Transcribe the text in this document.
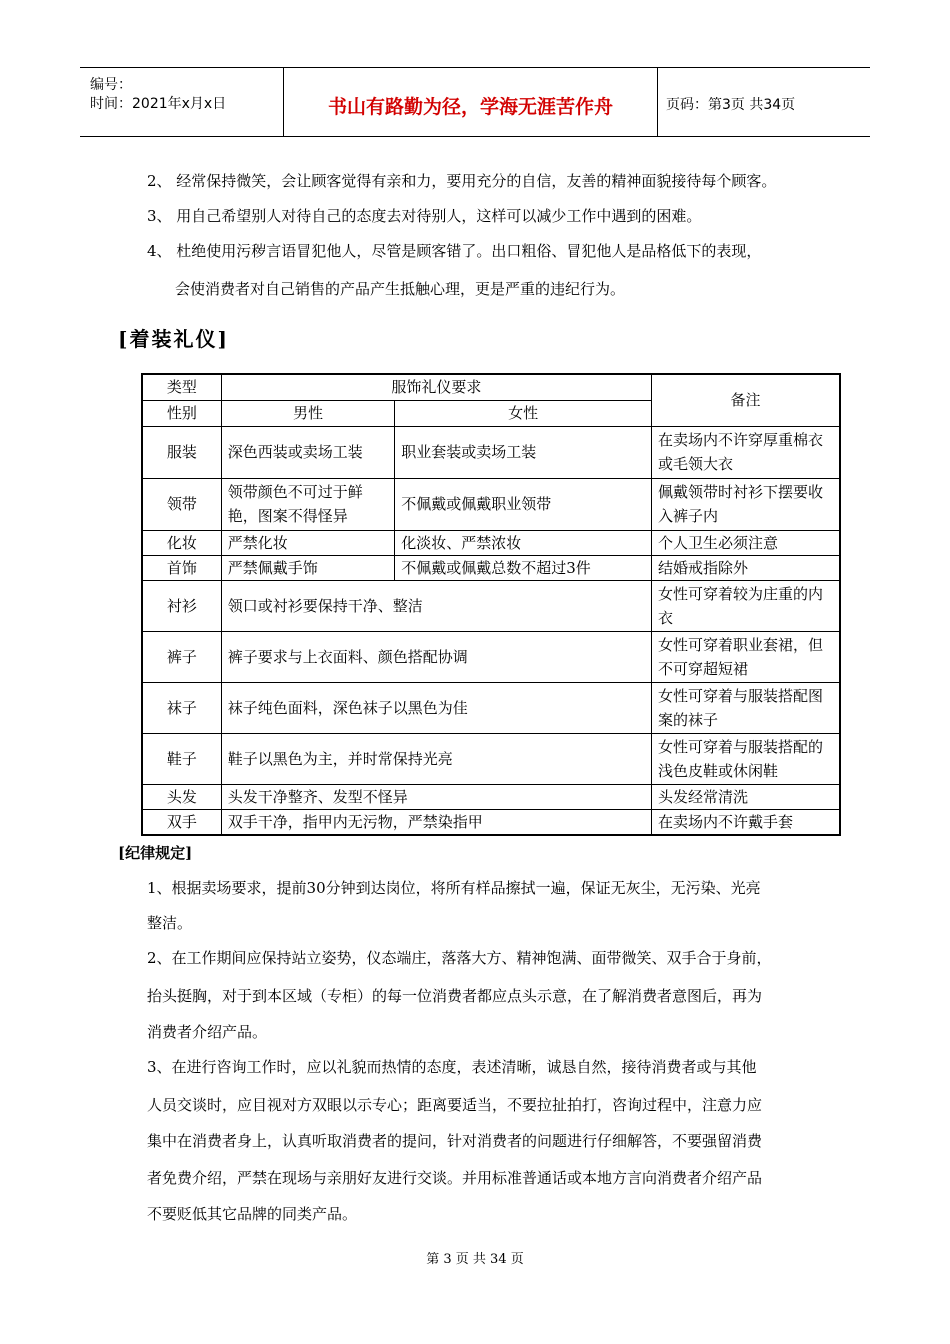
编号：
时间：2021年x月x日	书山有路勤为径，学海无涯苦作舟	页码：第3页 共34页
2、 经常保持微笑，会让顾客觉得有亲和力，要用充分的自信，友善的精神面貌接待每个顾客。
3、 用自己希望别人对待自己的态度去对待别人，这样可以减少工作中遇到的困难。
4、 杜绝使用污秽言语冒犯他人，尽管是顾客错了。出口粗俗、冒犯他人是品格低下的表现，
会使消费者对自己销售的产品产生抵触心理，更是严重的违纪行为。
[着装礼仪]
类型	服饰礼仪要求		备注
性别	男性	女性	
服装	深色西装或卖场工装	职业套装或卖场工装	在卖场内不许穿厚重棉衣或毛领大衣
领带	领带颜色不可过于鲜艳，图案不得怪异	不佩戴或佩戴职业领带	佩戴领带时衬衫下摆要收入裤子内
化妆	严禁化妆	化淡妆、严禁浓妆	个人卫生必须注意
首饰	严禁佩戴手饰	不佩戴或佩戴总数不超过3件	结婚戒指除外
衬衫	领口或衬衫要保持干净、整洁		女性可穿着较为庄重的内衣
裤子	裤子要求与上衣面料、颜色搭配协调		女性可穿着职业套裙，但不可穿超短裙
袜子	袜子纯色面料，深色袜子以黑色为佳		女性可穿着与服装搭配图案的袜子
鞋子	鞋子以黑色为主，并时常保持光亮		女性可穿着与服装搭配的浅色皮鞋或休闲鞋
头发	头发干净整齐、发型不怪异		头发经常清洗
双手	双手干净，指甲内无污物，严禁染指甲		在卖场内不许戴手套
[纪律规定]
1、根据卖场要求，提前30分钟到达岗位，将所有样品擦拭一遍，保证无灰尘，无污染、光亮
整洁。
2、在工作期间应保持站立姿势，仪态端庄，落落大方、精神饱满、面带微笑、双手合于身前，
抬头挺胸，对于到本区域（专柜）的每一位消费者都应点头示意，在了解消费者意图后，再为
消费者介绍产品。
3、在进行咨询工作时，应以礼貌而热情的态度，表述清晰，诚恳自然，接待消费者或与其他
人员交谈时，应目视对方双眼以示专心；距离要适当，不要拉扯拍打，咨询过程中，注意力应
集中在消费者身上，认真听取消费者的提问，针对消费者的问题进行仔细解答，不要强留消费
者免费介绍，严禁在现场与亲朋好友进行交谈。并用标准普通话或本地方言向消费者介绍产品
不要贬低其它品牌的同类产品。
第 3 页 共 34 页
